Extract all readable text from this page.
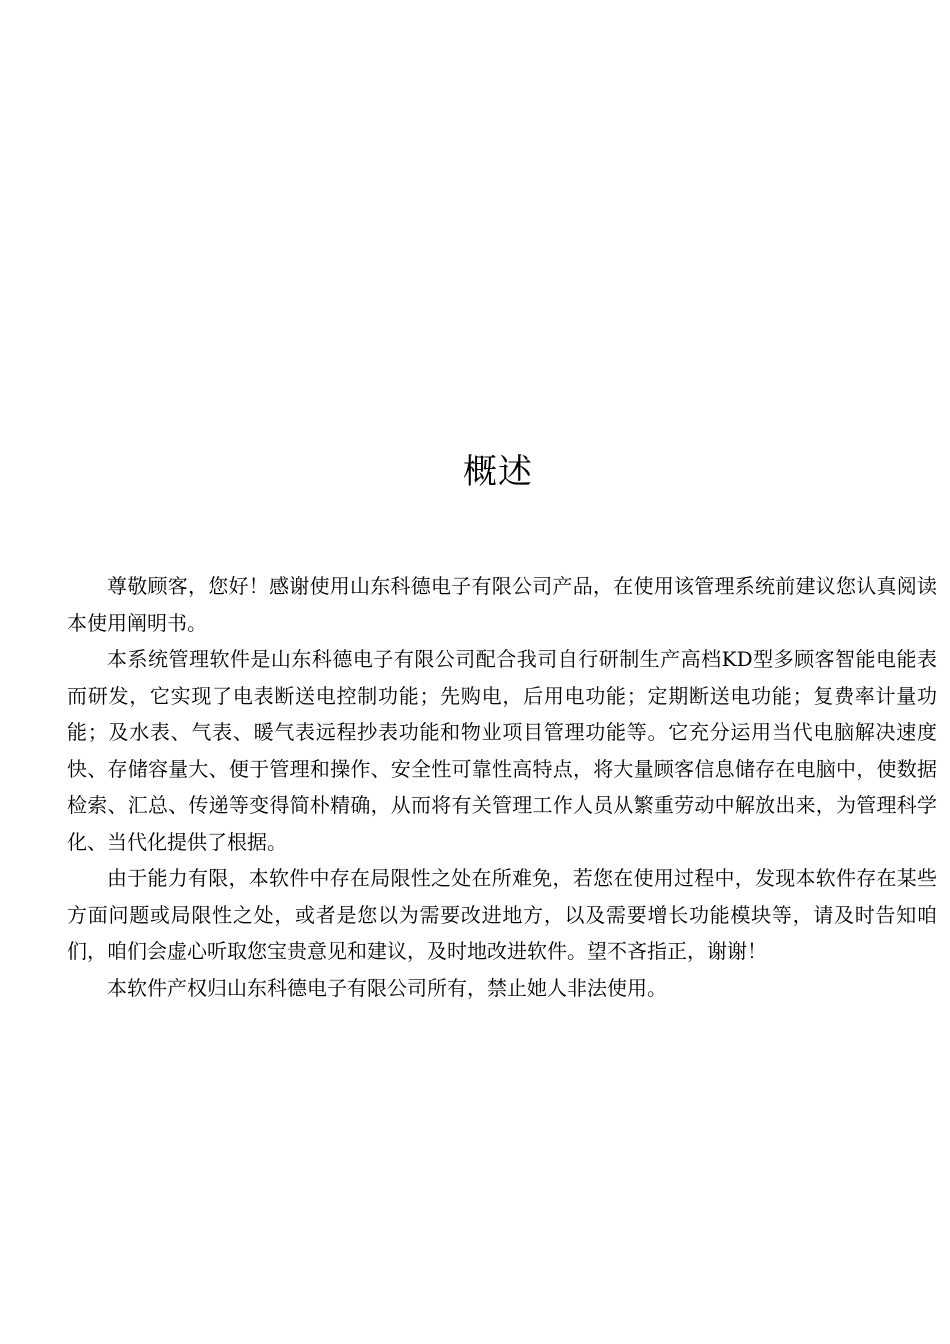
概述

尊敬顾客，您好！感谢使用山东科德电子有限公司产品，在使用该管理系统前建议您认真阅读本使用阐明书。

本系统管理软件是山东科德电子有限公司配合我司自行研制生产高档KD型多顾客智能电能表而研发，它实现了电表断送电控制功能；先购电，后用电功能；定期断送电功能；复费率计量功能；及水表、气表、暖气表远程抄表功能和物业项目管理功能等。它充分运用当代电脑解决速度快、存储容量大、便于管理和操作、安全性可靠性高特点，将大量顾客信息储存在电脑中，使数据检索、汇总、传递等变得简朴精确，从而将有关管理工作人员从繁重劳动中解放出来，为管理科学化、当代化提供了根据。

由于能力有限，本软件中存在局限性之处在所难免，若您在使用过程中，发现本软件存在某些方面问题或局限性之处，或者是您以为需要改进地方，以及需要增长功能模块等，请及时告知咱们，咱们会虚心听取您宝贵意见和建议，及时地改进软件。望不吝指正，谢谢！

本软件产权归山东科德电子有限公司所有，禁止她人非法使用。
